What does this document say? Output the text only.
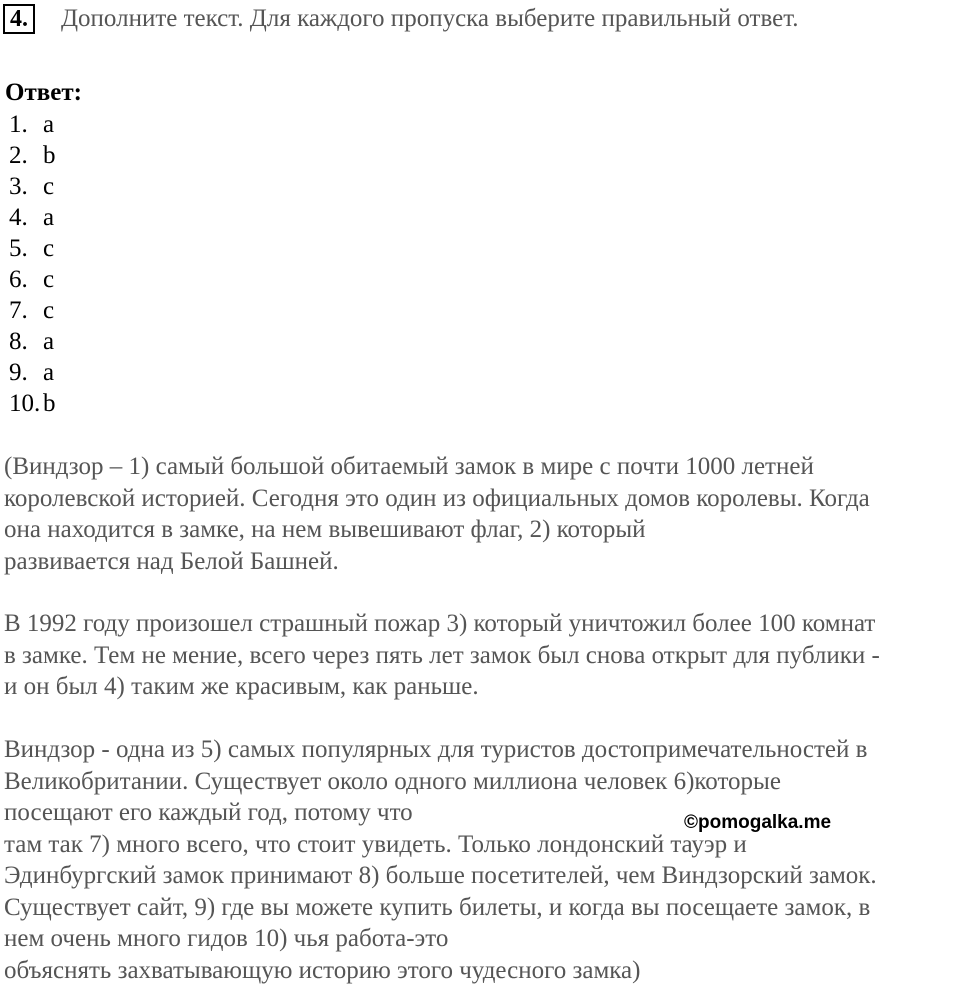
4. Дополните текст. Для каждого пропуска выберите правильный ответ.
Ответ:
1. a
2. b
3. c
4. a
5. c
6. c
7. c
8. a
9. a
10. b

(Виндзор – 1) самый большой обитаемый замок в мире с почти 1000 летней
королевской историей. Сегодня это один из официальных домов королевы. Когда
она находится в замке, на нем вывешивают флаг, 2) который
развивается над Белой Башней.

В 1992 году произошел страшный пожар 3) который уничтожил более 100 комнат
в замке. Тем не мение, всего через пять лет замок был снова открыт для публики -
и он был 4) таким же красивым, как раньше.

Виндзор - одна из 5) самых популярных для туристов достопримечательностей в
Великобритании. Существует около одного миллиона человек 6)которые
посещают его каждый год, потому что
там так 7) много всего, что стоит увидеть. Только лондонский тауэр и
Эдинбургский замок принимают 8) больше посетителей, чем Виндзорский замок.
Существует сайт, 9) где вы можете купить билеты, и когда вы посещаете замок, в
нем очень много гидов 10) чья работа-это
объяснять захватывающую историю этого чудесного замка)

©pomogalka.me
